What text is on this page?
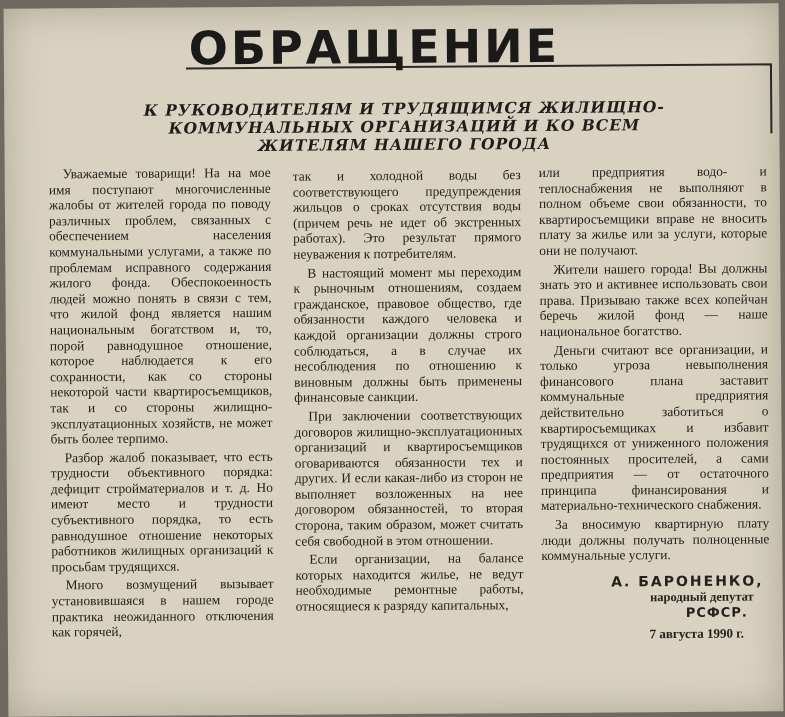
ОБРАЩЕНИЕ
К РУКОВОДИТЕЛЯМ И ТРУДЯЩИМСЯ ЖИЛИЩНО-КОММУНАЛЬНЫХ ОРГАНИЗАЦИЙ И КО ВСЕМ ЖИТЕЛЯМ НАШЕГО ГОРОДА

Уважаемые товарищи! На на мое имя поступают многочисленные жалобы от жителей города по поводу различных проблем, связанных с обеспечением населения коммунальными услугами, а также по проблемам исправного содержания жилого фонда. Обеспокоенность людей можно понять в связи с тем, что жилой фонд является нашим национальным богатством и, то, порой равнодушное отношение, которое наблюдается к его сохранности, как со стороны некоторой части квартиросъемщиков, так и со стороны жилищно-эксплуатационных хозяйств, не может быть более терпимо.

Разбор жалоб показывает, что есть трудности объективного порядка: дефицит стройматериалов и т. д. Но имеют место и трудности субъективного порядка, то есть равнодушное отношение некоторых работников жилищных организаций к просьбам трудящихся.

Много возмущений вызывает установившаяся в нашем городе практика неожиданного отключения как горячей,

так и холодной воды без соответствующего предупреждения жильцов о сроках отсутствия воды (причем речь не идет об экстренных работах). Это результат прямого неуважения к потребителям.

В настоящий момент мы переходим к рыночным отношениям, создаем гражданское, правовое общество, где обязанности каждого человека и каждой организации должны строго соблюдаться, а в случае их несоблюдения по отношению к виновным должны быть применены финансовые санкции.

При заключении соответствующих договоров жилищно-эксплуатационных организаций и квартиросъемщиков оговариваются обязанности тех и других. И если какая-либо из сторон не выполняет возложенных на нее договором обязанностей, то вторая сторона, таким образом, может считать себя свободной в этом отношении.

Если организации, на балансе которых находится жилье, не ведут необходимые ремонтные работы, относящиеся к разряду капитальных,

или предприятия водо- и теплоснабжения не выполняют в полном объеме свои обязанности, то квартиросъемщики вправе не вносить плату за жилье или за услуги, которые они не получают.

Жители нашего города! Вы должны знать это и активнее использовать свои права. Призываю также всех копейчан беречь жилой фонд — наше национальное богатство.

Деньги считают все организации, и только угроза невыполнения финансового плана заставит коммунальные предприятия действительно заботиться о квартиросъемщиках и избавит трудящихся от униженного положения постоянных просителей, а сами предприятия — от остаточного принципа финансирования и материально-технического снабжения.

За вносимую квартирную плату люди должны получать полноценные коммунальные услуги.

А. БАРОНЕНКО,
народный депутат
РСФСР.
7 августа 1990 г.
